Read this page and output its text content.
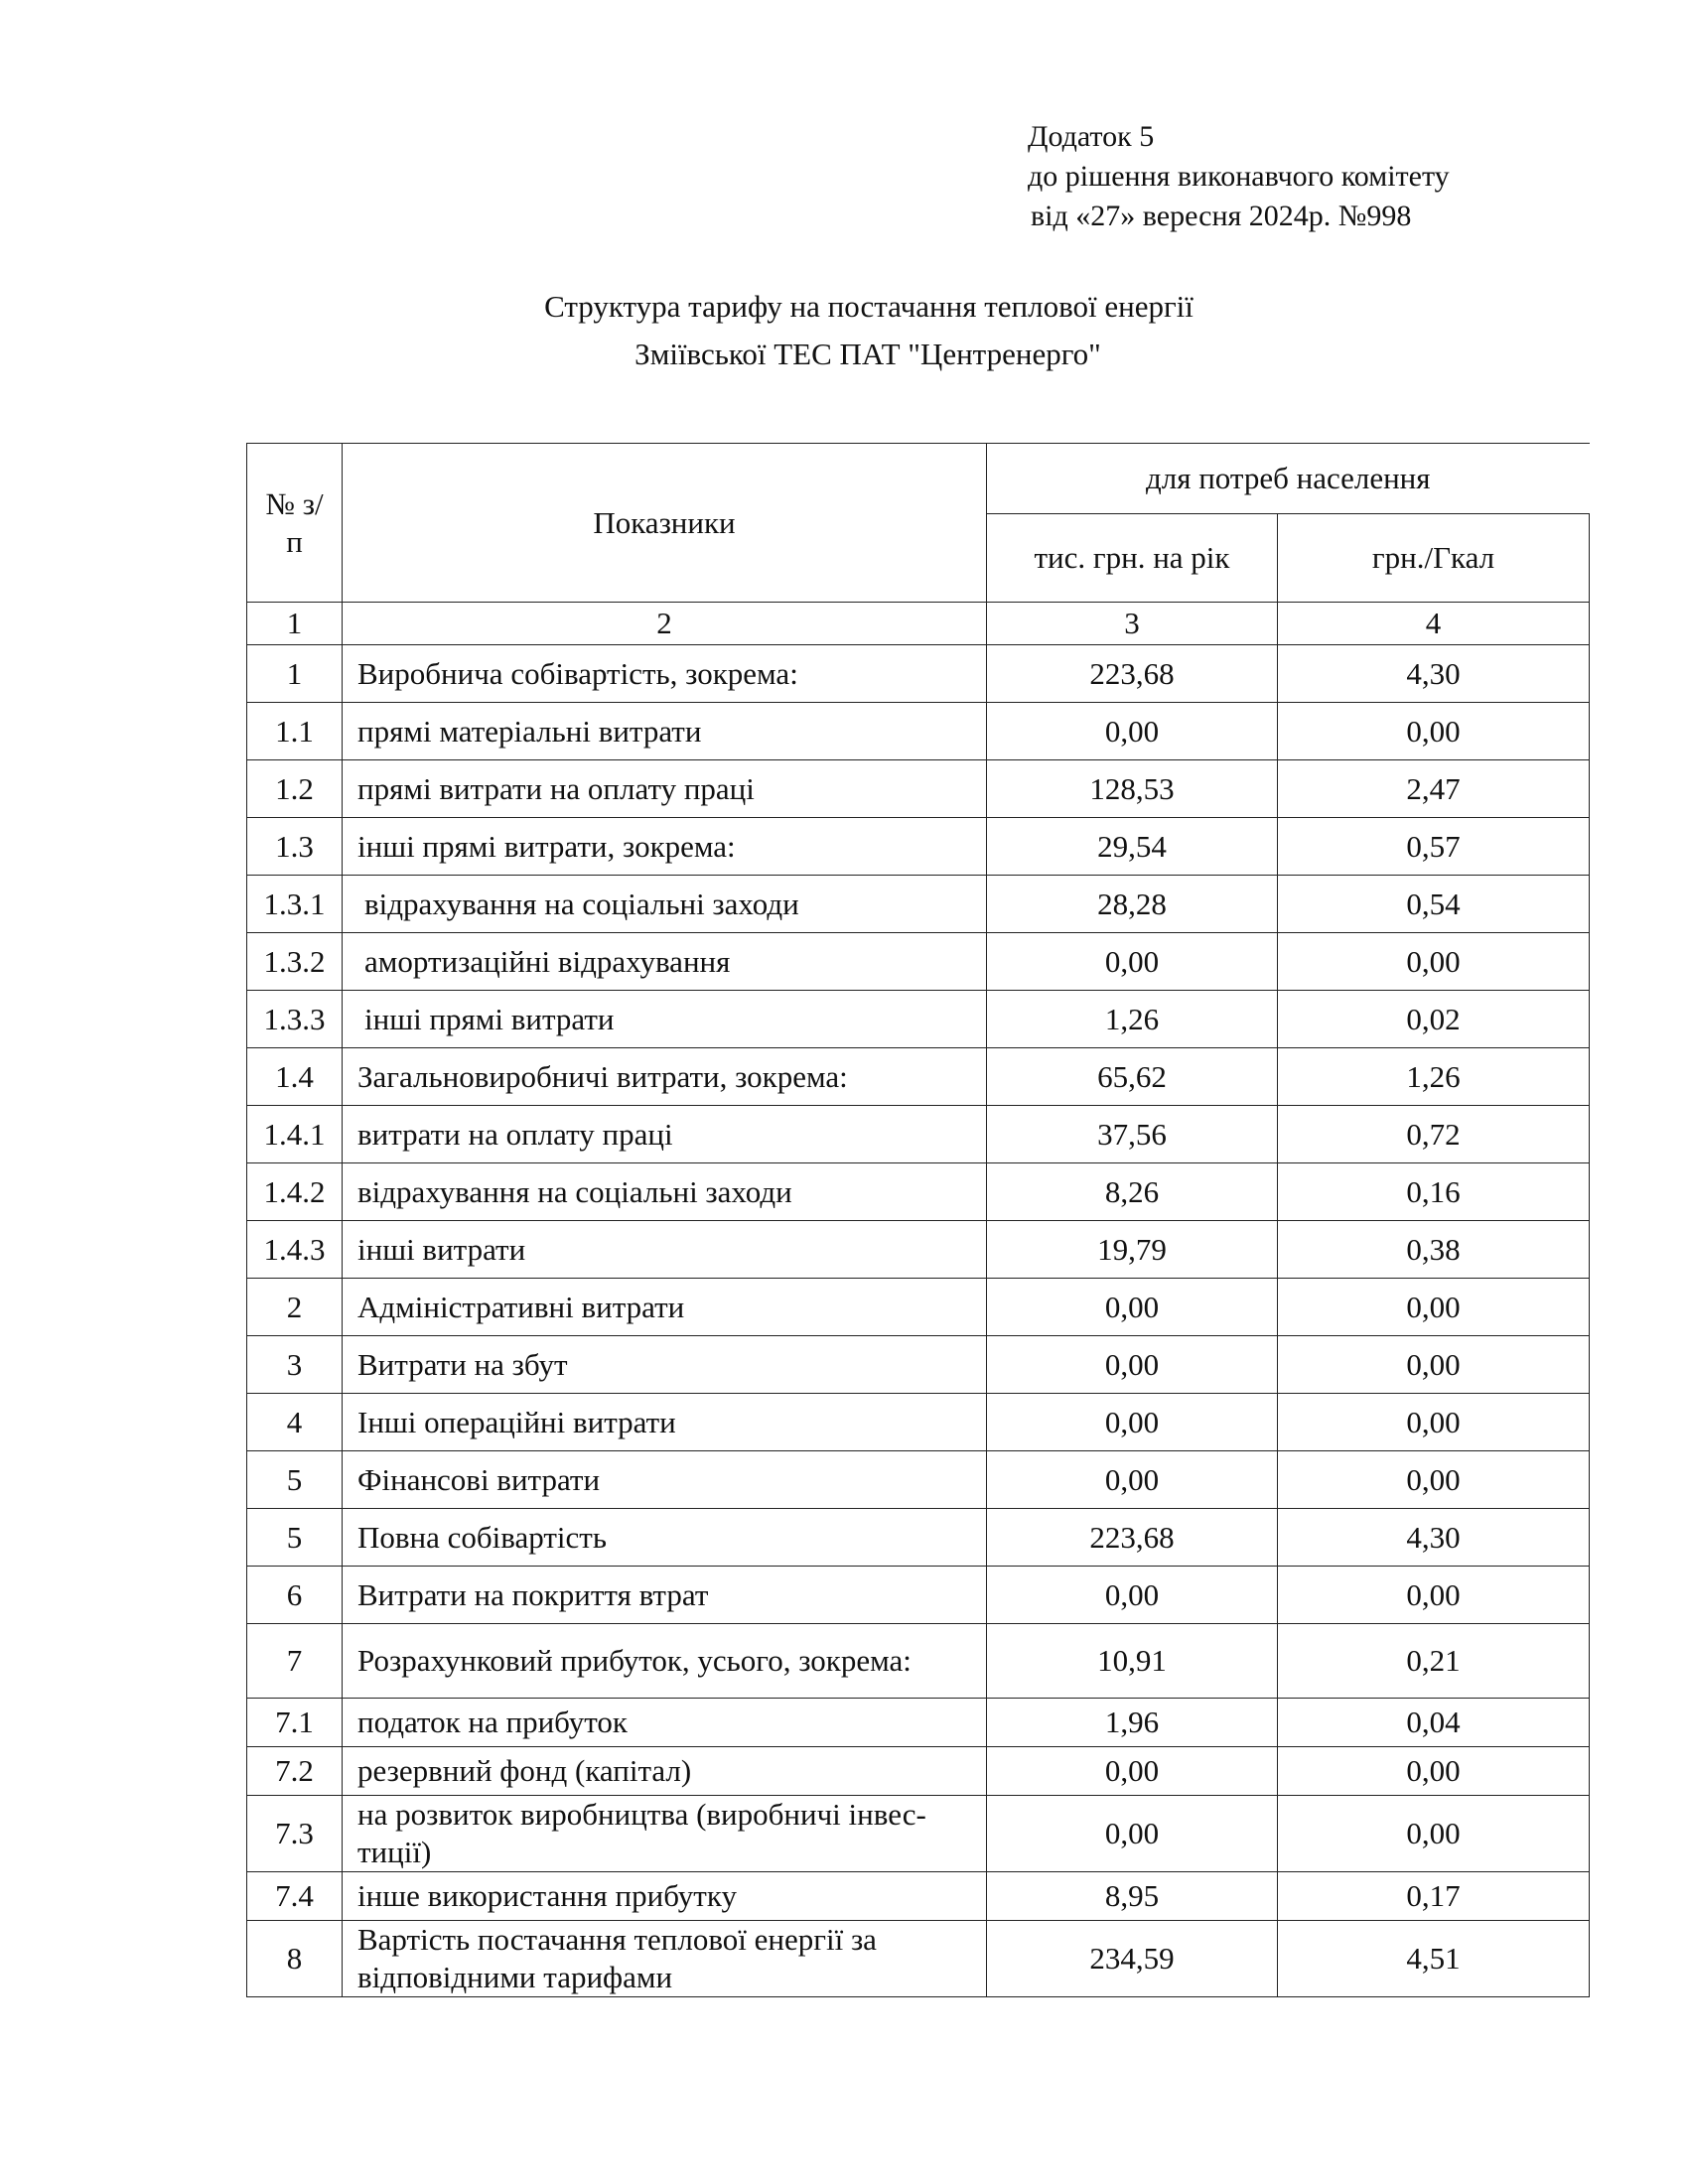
Додаток 5
до рішення виконавчого комітету
від «27» вересня 2024р. №998
Структура тарифу на постачання теплової енергії
Зміївської ТЕС ПАТ "Центренерго"
№ з/п	Показники	для потреб населення	
		тис. грн. на рік	грн./Гкал
1	2	3	4
1	Виробнича собівартість, зокрема:	223,68	4,30
1.1	прямі матеріальні витрати	0,00	0,00
1.2	прямі витрати на оплату праці	128,53	2,47
1.3	інші прямі витрати, зокрема:	29,54	0,57
1.3.1	відрахування на соціальні заходи	28,28	0,54
1.3.2	амортизаційні відрахування	0,00	0,00
1.3.3	інші прямі витрати	1,26	0,02
1.4	Загальновиробничі витрати, зокрема:	65,62	1,26
1.4.1	витрати на оплату праці	37,56	0,72
1.4.2	відрахування на соціальні заходи	8,26	0,16
1.4.3	інші витрати	19,79	0,38
2	Адміністративні витрати	0,00	0,00
3	Витрати на збут	0,00	0,00
4	Інші операційні витрати	0,00	0,00
5	Фінансові витрати	0,00	0,00
5	Повна собівартість	223,68	4,30
6	Витрати на покриття втрат	0,00	0,00
7	Розрахунковий прибуток, усього, зокрема:	10,91	0,21
7.1	податок на прибуток	1,96	0,04
7.2	резервний фонд (капітал)	0,00	0,00
7.3	на розвиток виробництва (виробничі інвес-тиції)	0,00	0,00
7.4	інше використання прибутку	8,95	0,17
8	Вартість постачання теплової енергії за відповідними тарифами	234,59	4,51
